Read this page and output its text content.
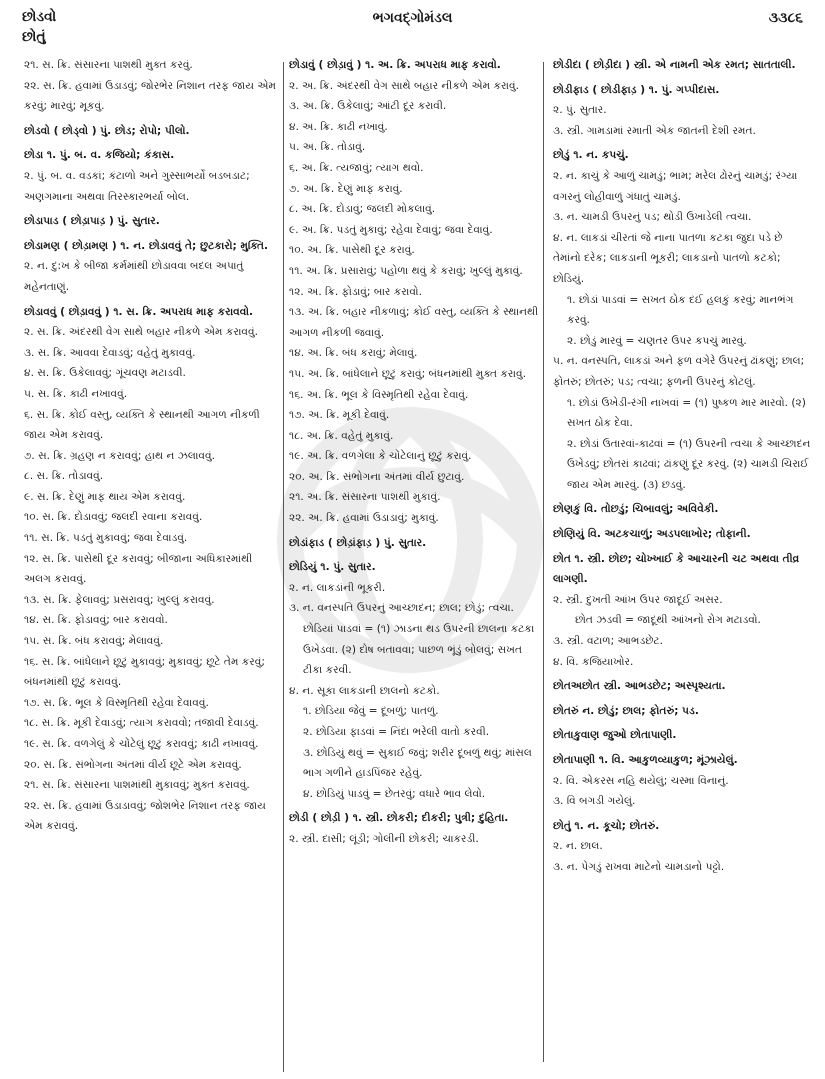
છોડવો
છોતું
ભગવદ્ગોમંડલ	૩૩૮૬
૨૧. સ. ક્રિ. સંસારના પાશથી મુક્ત કરવું.
૨૨. સ. ક્રિ. હવામાં ઉડાડવું; જોરભેર નિશાન તરફ જાય એમ કરવું; મારવું; મૂકવું.
છોડવો ( છોડ્વો ) પું. છોડ; રોપો; પીલો.
છોડા ૧. પું. બ. વ. કજિયો; કંકાસ.
૨. પું. બ. વ. વડકાં; કંટાળો અને ગુસ્સાભર્યો બડબડાટ; અણગમાના અથવા તિરસ્કારભર્યા બોલ.
છોડાપાડ ( છોડ઼ાપાડ઼ ) પું. સુતાર.
છોડામણ ( છોડ઼ામણ ) ૧. ન. છોડાવવું તે; છુટકારો; મુક્તિ.
૨. ન. દુ:ખ કે બીજા કર્મમાંથી છોડાવવા બદલ અપાતું મહેનતાણું.
છોડાવવું ( છોડ઼ાવવું ) ૧. સ. ક્રિ. અપરાધ માફ કરાવવો.
૨. સ. ક્રિ. અંદરથી વેગ સાથે બહાર નીકળે એમ કરાવવું.
૩. સ. ક્રિ. આવવા દેવાડવું; વહેતું મુકાવવું.
૪. સ. ક્રિ. ઉકેલાવવું; ગૂંચવણ મટાડવી.
૫. સ. ક્રિ. કાઢી નખાવવું.
૬. સ. ક્રિ. કોઈ વસ્તુ, વ્યક્તિ કે સ્થાનથી આગળ નીકળી જાય એમ કરાવવું.
૭. સ. ક્રિ. ગ્રહણ ન કરાવવું; હાથ ન ઝલાવવું.
૮. સ. ક્રિ. તોડાવવું.
૯. સ. ક્રિ. દેણું માફ થાય એમ કરાવવું.
૧૦. સ. ક્રિ. દોડાવવું; જલદી રવાના કરાવવું.
૧૧. સ. ક્રિ. પડતું મુકાવવું; જવા દેવાડવું.
૧૨. સ. ક્રિ. પાસેથી દૂર કરાવવું; બીજાના અધિકારમાંથી અલગ કરાવવું.
૧૩. સ. ક્રિ. ફેલાવવું; પ્રસરાવવું; ખુલ્લું કરાવવું.
૧૪. સ. ક્રિ. ફોડાવવું; બાર કરાવવો.
૧૫. સ. ક્રિ. બંધ કરાવવું; મેલાવવું.
૧૬. સ. ક્રિ. બાંધેલાને છૂટું મુકાવવું; મુકાવવું; છૂટે તેમ કરવું; બંધનમાંથી છૂટું કરાવવું.
૧૭. સ. ક્રિ. ભૂલ કે વિસ્મૃતિથી રહેવા દેવાવવું.
૧૮. સ. ક્રિ. મૂકી દેવાડવું; ત્યાગ કરાવવો; તજાવી દેવાડવું.
૧૯. સ. ક્રિ. વળગેલું કે ચોંટેલું છૂટું કરાવવું; કાઢી નખાવવું.
૨૦. સ. ક્રિ. સંભોગના અંતમાં વીર્ય છૂટે એમ કરાવવું.
૨૧. સ. ક્રિ. સંસારના પાશમાંથી મુકાવવું; મુક્ત કરાવવું.
૨૨. સ. ક્રિ. હવામાં ઉડાડાવવું; જોશભેર નિશાન તરફ જાય એમ કરાવવું.
છોડાવું ( છોડ઼ાવું ) ૧. અ. ક્રિ. અપરાધ માફ કરાવો.
૨. અ. ક્રિ. અંદરથી વેગ સાથે બહાર નીકળે એમ કરાવું.
૩. અ. ક્રિ. ઉકેલાવું; આંટી દૂર કરાવી.
૪. અ. ક્રિ. કાઢી નખાવું.
૫. અ. ક્રિ. તોડાવું.
૬. અ. ક્રિ. ત્યજાવું; ત્યાગ થવો.
૭. અ. ક્રિ. દેણું માફ કરાવું.
૮. અ. ક્રિ. દોડાવું; જલદી મોકલાવું.
૯. અ. ક્રિ. પડતું મુકાવું; રહેવા દેવાવું; જવા દેવાવું.
૧૦. અ. ક્રિ. પાસેથી દૂર કરાવું.
૧૧. અ. ક્રિ. પ્રસારાવું; પહોળા થવું કે કરાવું; ખુલ્લું મુકાવું.
૧૨. અ. ક્રિ. ફોડાવું; બાર કરાવો.
૧૩. અ. ક્રિ. બહાર નીકળાવું; કોઈ વસ્તુ, વ્યક્તિ કે સ્થાનથી આગળ નીકળી જવાવું.
૧૪. અ. ક્રિ. બંધ કરાવું; મેલાવું.
૧૫. અ. ક્રિ. બાંધેલાને છૂટું કરાવું; બંધનમાંથી મુક્ત કરાવું.
૧૬. અ. ક્રિ. ભૂલ કે વિસ્મૃતિથી રહેવા દેવાવું.
૧૭. અ. ક્રિ. મૂકી દેવાવું.
૧૮. અ. ક્રિ. વહેતું મુકાવું.
૧૯. અ. ક્રિ. વળગેલા કે ચોંટેલાનું છૂટું કરાવું.
૨૦. અ. ક્રિ. સંભોગના અંતમાં વીર્ય છુટાવું.
૨૧. અ. ક્રિ. સંસારના પાશથી મુકાવું.
૨૨. અ. ક્રિ. હવામાં ઉડાડાવું; મુકાવું.
છોડાંફાડ ( છોડ઼ાંફાડ઼ ) પું. સુતાર.
છોડિયું ૧. પું. સુતાર.
૨. ન. લાકડાંની ભૂકરી.
૩. ન. વનસ્પતિ ઉપરનું આચ્છાદન; છાલ; છોડું; ત્વચા.
છોડિયાં પાડવાં = (૧) ઝાડના થડ ઉપરની છાલના કટકા ઉખેડવા. (૨) દોષ બતાવવા; પાછળ ભૂંડું બોલવું; સખત ટીકા કરવી.
૪. ન. સૂકા લાકડાની છાલનો કટકો.
૧. છોડિયા જેવું = દૂબળું; પાતળું.
૨. છોડિયા ફાડવાં = નિંદા ભરેલી વાતો કરવી.
૩. છોડિયું થવું = સુકાઈ જવું; શરીર દૂબળું થવું; માંસલ ભાગ ગળીને હાડપિંજર રહેવું.
૪. છોડિયું પાડવું = છેતરવું; વધારે ભાવ લેવો.
છોડી ( છોડ઼ી ) ૧. સ્ત્રી. છોકરી; દીકરી; પુત્રી; દુહિતા.
૨. સ્ત્રી. દાસી; લૂંડી; ગોલીની છોકરી; ચાકરડી.
છોડીદા ( છોડ઼ીદા ) સ્ત્રી. એ નામની એક રમત; સાતતાલી.
છોડીફાડ ( છોડીફાડ઼ ) ૧. પું. ગપ્પીદાસ.
૨. પું. સુતાર.
૩. સ્ત્રી. ગામડામાં રમાતી એક જાતની દેશી રમત.
છોડું ૧. ન. કપચું.
૨. ન. કાચું કે આળું ચામડું; ભામ; મરેલ ઢોરનું ચામડું; રંગ્યા વગરનું લોહીવાળું ગંધાતું ચામડું.
૩. ન. ચામડી ઉપરનું પડ; થોડી ઉખાડેલી ત્વચા.
૪. ન. લાકડાં ચીરતાં જે નાના પાતળા કટકા જુદા પડે છે તેમાંનો દરેક; લાકડાની ભૂકરી; લાકડાનો પાતળો કટકો; છોડિયું.
૧. છોડાં પાડવાં = સખત ઠોક દઈ હલકું કરવું; માનભંગ કરવું.
૨. છોડું મારવું = ચણતર ઉપર કપચું મારવું.
૫. ન. વનસ્પતિ, લાકડાં અને ફળ વગેરે ઉપરનું ઢાંકણું; છાલ; ફોતરું; છોતરું; પડ; ત્વચા; ફળની ઉપરનું કોટલું.
૧. છોડાં ઉખેડી-રંગી નાખવાં = (૧) પુષ્કળ માર મારવો. (૨) સખત ઠોક દેવા.
૨. છોડાં ઉતારવાં-કાઢવાં = (૧) ઉપરની ત્વચા કે આચ્છાદન ઉખેડવું; છોતરાં કાઢવાં; ઢાંકણું દૂર કરવું. (૨) ચામડી ચિરાઈ જાય એમ મારવું. (૩) છડવું.
છોણકું વિ. તોછડું; ચિબાવલું; અવિવેકી.
છોણિયું વિ. અટકચાળું; અડપલાખોર; તોફાની.
છોત ૧. સ્ત્રી. છોછ; ચોખ્ખાઈ કે આચારની ચટ અથવા તીવ્ર લાગણી.
૨. સ્ત્રી. દુખતી આંખ ઉપર જાદૂઈ અસર.
છોત ઝડવી = જાદૂથી આંખનો રોગ મટાડવો.
૩. સ્ત્રી. વટાળ; આભડછેટ.
૪. વિ. કજિયાખોર.
છોતઅછોત સ્ત્રી. આભડછેટ; અસ્પૃશ્યતા.
છોતરું ન. છોડું; છાલ; ફોતરું; પડ.
છોતાકુવાણ જુઓ છોતાપાણી.
છોતાપાણી ૧. વિ. આકુળવ્યાકુળ; મૂંઝાયેલું.
૨. વિ. એકરસ નહિ થયેલું; ચસ્મા વિનાનું.
૩. વિ બગડી ગયેલું.
છોતું ૧. ન. કૂચો; છોતરું.
૨. ન. છાલ.
૩. ન. પેગડું રાખવા માટેનો ચામડાનો પટ્ટો.
